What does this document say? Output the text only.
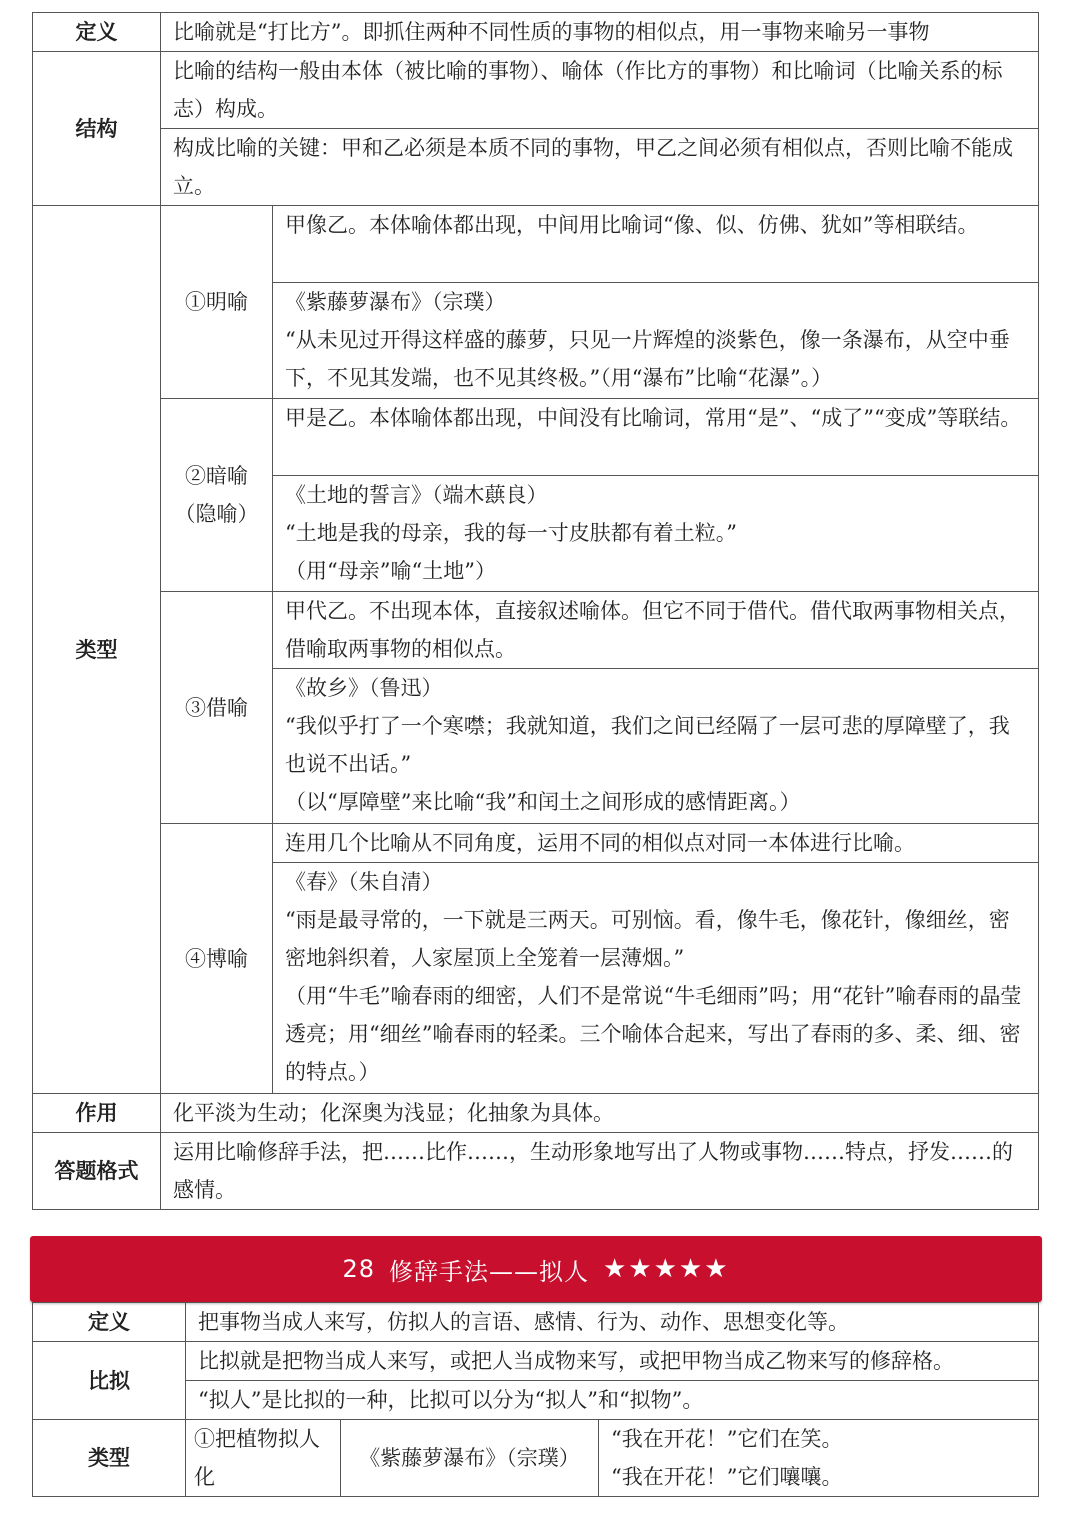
定义	比喻就是“打比方”。即抓住两种不同性质的事物的相似点，用一事物来喻另一事物	
结构	比喻的结构一般由本体（被比喻的事物）、喻体（作比方的事物）和比喻词（比喻关系的标志）构成。	
	构成比喻的关键：甲和乙必须是本质不同的事物，甲乙之间必须有相似点，否则比喻不能成立。	
类型	①明喻	甲像乙。本体喻体都出现，中间用比喻词“像、似、仿佛、犹如”等相联结。

		《紫藤萝瀑布》（宗璞）
“从未见过开得这样盛的藤萝，只见一片辉煌的淡紫色，像一条瀑布，从空中垂下，不见其发端，也不见其终极。”（用“瀑布”比喻“花瀑”。）

	②暗喻（隐喻）	甲是乙。本体喻体都出现，中间没有比喻词，常用“是”、“成了”“变成”等联结。

		《土地的誓言》（端木蕻良）
“土地是我的母亲，我的每一寸皮肤都有着土粒。”
（用“母亲”喻“土地”）

	③借喻	甲代乙。不出现本体，直接叙述喻体。但它不同于借代。借代取两事物相关点，借喻取两事物的相似点。

		《故乡》（鲁迅）
“我似乎打了一个寒噤；我就知道，我们之间已经隔了一层可悲的厚障壁了，我也说不出话。”
（以“厚障壁”来比喻“我”和闰土之间形成的感情距离。）

	④博喻	连用几个比喻从不同角度，运用不同的相似点对同一本体进行比喻。

		《春》（朱自清）
“雨是最寻常的，一下就是三两天。可别恼。看，像牛毛，像花针，像细丝，密密地斜织着，人家屋顶上全笼着一层薄烟。”
（用“牛毛”喻春雨的细密，人们不是常说“牛毛细雨”吗；用“花针”喻春雨的晶莹透亮；用“细丝”喻春雨的轻柔。三个喻体合起来，写出了春雨的多、柔、细、密的特点。）

作用	化平淡为生动；化深奥为浅显；化抽象为具体。	
答题格式	运用比喻修辞手法，把……比作……，生动形象地写出了人物或事物……特点，抒发……的感情。	
28 修辞手法——拟人 ★★★★★
定义	把事物当成人来写，仿拟人的言语、感情、行为、动作、思想变化等。		
比拟	比拟就是把物当成人来写，或把人当成物来写，或把甲物当成乙物来写的修辞格。		
	“拟人”是比拟的一种，比拟可以分为“拟人”和“拟物”。		
类型	①把植物拟人化	《紫藤萝瀑布》（宗璞）	“我在开花！”它们在笑。
“我在开花！”它们嚷嚷。
